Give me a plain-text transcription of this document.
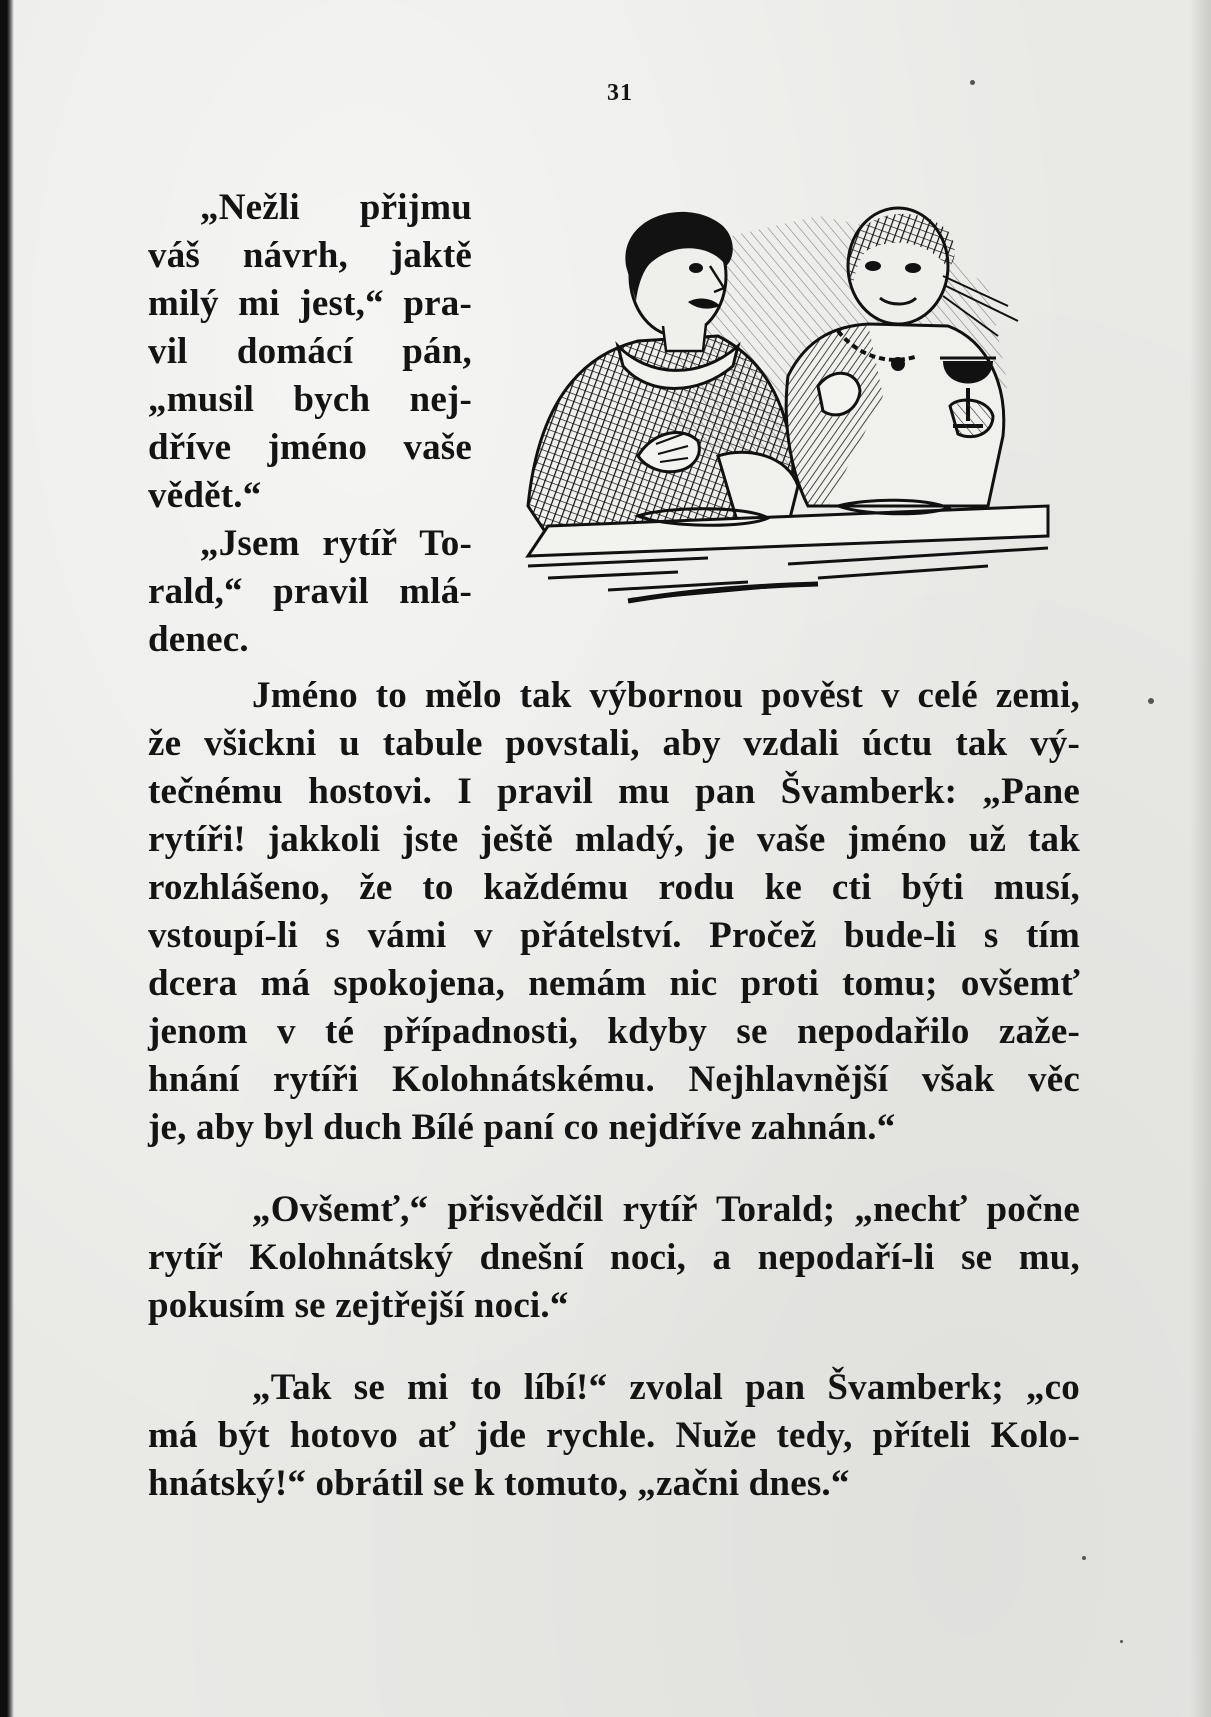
31
„Nežli přijmu
váš návrh, jaktě
milý mi jest,“ pra-
vil domácí pán,
„musil bych nej-
dříve jméno vaše
vědět.“
„Jsem rytíř To-
rald,“ pravil mlá-
denec.
Jméno to mělo tak výbornou pověst v celé zemi,
že všickni u tabule povstali, aby vzdali úctu tak vý-
tečnému hostovi. I pravil mu pan Švamberk: „Pane
rytíři! jakkoli jste ještě mladý, je vaše jméno už tak
rozhlášeno, že to každému rodu ke cti býti musí,
vstoupí-li s vámi v přátelství. Pročež bude-li s tím
dcera má spokojena, nemám nic proti tomu; ovšemť
jenom v té případnosti, kdyby se nepodařilo zaže-
hnání rytíři Kolohnátskému. Nejhlavnější však věc
je, aby byl duch Bílé paní co nejdříve zahnán.“
„Ovšemť,“ přisvědčil rytíř Torald; „nechť počne
rytíř Kolohnátský dnešní noci, a nepodaří-li se mu,
pokusím se zejtřejší noci.“
„Tak se mi to líbí!“ zvolal pan Švamberk; „co
má být hotovo ať jde rychle. Nuže tedy, příteli Kolo-
hnátský!“ obrátil se k tomuto, „začni dnes.“
